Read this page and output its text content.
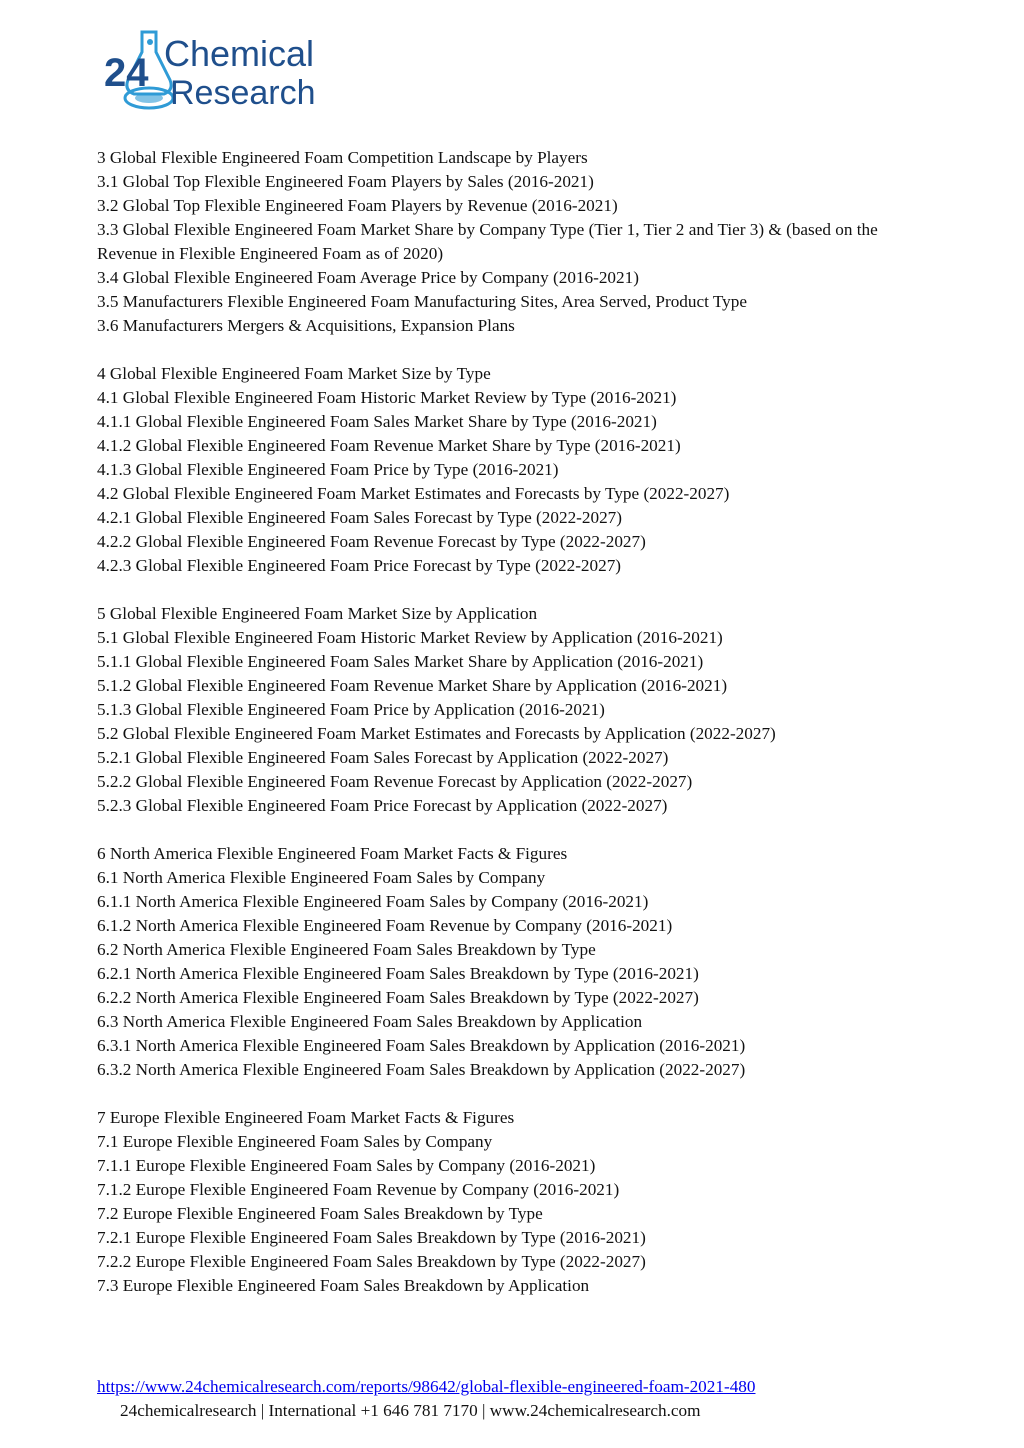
24 Chemical
Research
3 Global Flexible Engineered Foam Competition Landscape by Players
3.1 Global Top Flexible Engineered Foam Players by Sales (2016-2021)
3.2 Global Top Flexible Engineered Foam Players by Revenue (2016-2021)
3.3 Global Flexible Engineered Foam Market Share by Company Type (Tier 1, Tier 2 and Tier 3) & (based on the Revenue in Flexible Engineered Foam as of 2020)
3.4 Global Flexible Engineered Foam Average Price by Company (2016-2021)
3.5 Manufacturers Flexible Engineered Foam Manufacturing Sites, Area Served, Product Type
3.6 Manufacturers Mergers & Acquisitions, Expansion Plans
4 Global Flexible Engineered Foam Market Size by Type
4.1 Global Flexible Engineered Foam Historic Market Review by Type (2016-2021)
4.1.1 Global Flexible Engineered Foam Sales Market Share by Type (2016-2021)
4.1.2 Global Flexible Engineered Foam Revenue Market Share by Type (2016-2021)
4.1.3 Global Flexible Engineered Foam Price by Type (2016-2021)
4.2 Global Flexible Engineered Foam Market Estimates and Forecasts by Type (2022-2027)
4.2.1 Global Flexible Engineered Foam Sales Forecast by Type (2022-2027)
4.2.2 Global Flexible Engineered Foam Revenue Forecast by Type (2022-2027)
4.2.3 Global Flexible Engineered Foam Price Forecast by Type (2022-2027)
5 Global Flexible Engineered Foam Market Size by Application
5.1 Global Flexible Engineered Foam Historic Market Review by Application (2016-2021)
5.1.1 Global Flexible Engineered Foam Sales Market Share by Application (2016-2021)
5.1.2 Global Flexible Engineered Foam Revenue Market Share by Application (2016-2021)
5.1.3 Global Flexible Engineered Foam Price by Application (2016-2021)
5.2 Global Flexible Engineered Foam Market Estimates and Forecasts by Application (2022-2027)
5.2.1 Global Flexible Engineered Foam Sales Forecast by Application (2022-2027)
5.2.2 Global Flexible Engineered Foam Revenue Forecast by Application (2022-2027)
5.2.3 Global Flexible Engineered Foam Price Forecast by Application (2022-2027)
6 North America Flexible Engineered Foam Market Facts & Figures
6.1 North America Flexible Engineered Foam Sales by Company
6.1.1 North America Flexible Engineered Foam Sales by Company (2016-2021)
6.1.2 North America Flexible Engineered Foam Revenue by Company (2016-2021)
6.2 North America Flexible Engineered Foam Sales Breakdown by Type
6.2.1 North America Flexible Engineered Foam Sales Breakdown by Type (2016-2021)
6.2.2 North America Flexible Engineered Foam Sales Breakdown by Type (2022-2027)
6.3 North America Flexible Engineered Foam Sales Breakdown by Application
6.3.1 North America Flexible Engineered Foam Sales Breakdown by Application (2016-2021)
6.3.2 North America Flexible Engineered Foam Sales Breakdown by Application (2022-2027)
7 Europe Flexible Engineered Foam Market Facts & Figures
7.1 Europe Flexible Engineered Foam Sales by Company
7.1.1 Europe Flexible Engineered Foam Sales by Company (2016-2021)
7.1.2 Europe Flexible Engineered Foam Revenue by Company (2016-2021)
7.2 Europe Flexible Engineered Foam Sales Breakdown by Type
7.2.1 Europe Flexible Engineered Foam Sales Breakdown by Type (2016-2021)
7.2.2 Europe Flexible Engineered Foam Sales Breakdown by Type (2022-2027)
7.3 Europe Flexible Engineered Foam Sales Breakdown by Application
https://www.24chemicalresearch.com/reports/98642/global-flexible-engineered-foam-2021-480
24chemicalresearch | International +1 646 781 7170 | www.24chemicalresearch.com
